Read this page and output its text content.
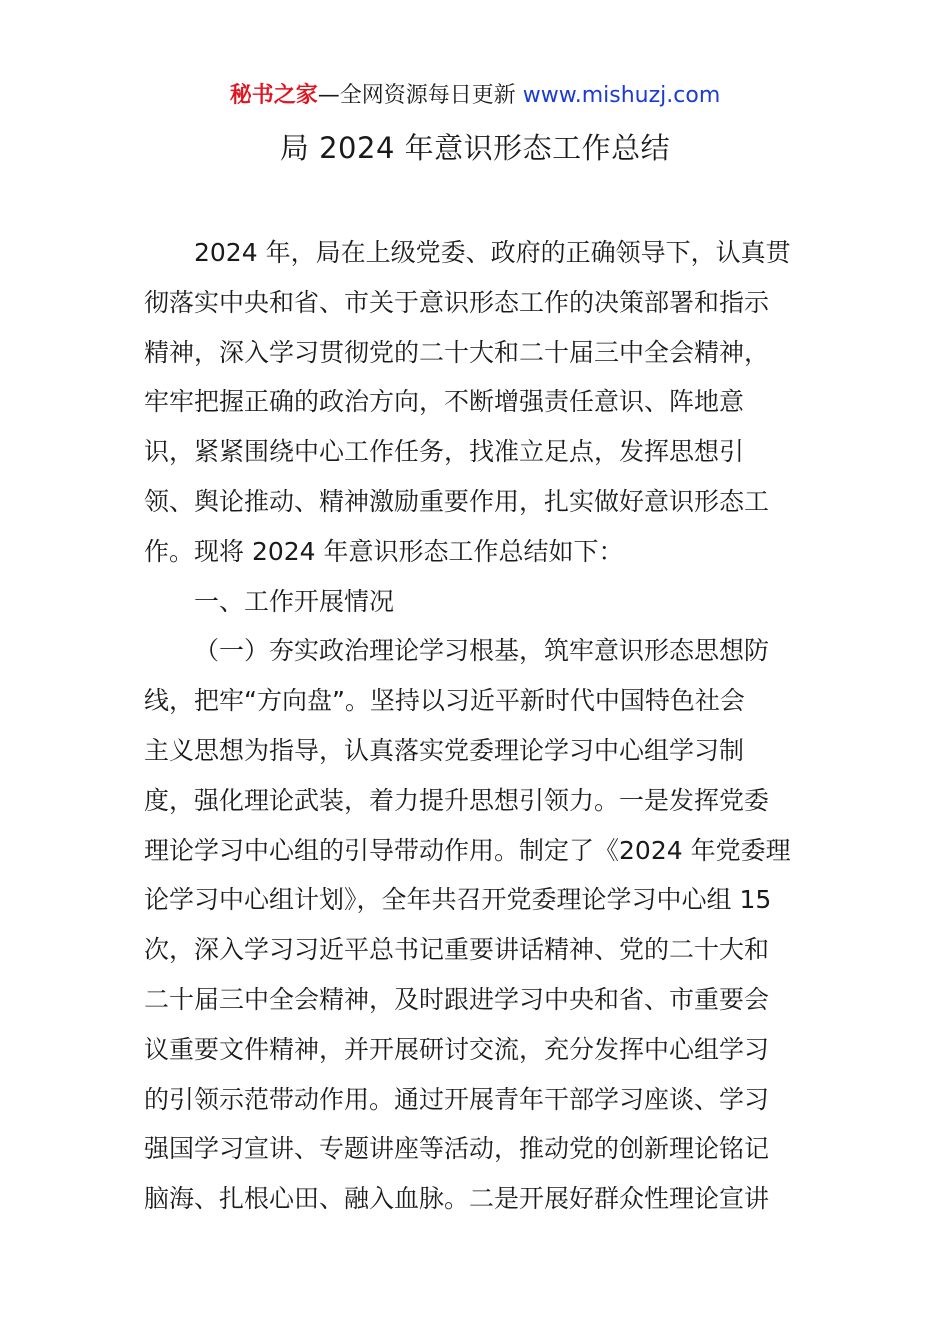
秘书之家—全网资源每日更新 www.mishuzj.com
局 2024 年意识形态工作总结
2024 年，局在上级党委、政府的正确领导下，认真贯
彻落实中央和省、市关于意识形态工作的决策部署和指示
精神，深入学习贯彻党的二十大和二十届三中全会精神，
牢牢把握正确的政治方向，不断增强责任意识、阵地意
识，紧紧围绕中心工作任务，找准立足点，发挥思想引
领、舆论推动、精神激励重要作用，扎实做好意识形态工
作。现将 2024 年意识形态工作总结如下：
一、工作开展情况
（一）夯实政治理论学习根基，筑牢意识形态思想防
线，把牢“方向盘”。坚持以习近平新时代中国特色社会
主义思想为指导，认真落实党委理论学习中心组学习制
度，强化理论武装，着力提升思想引领力。一是发挥党委
理论学习中心组的引导带动作用。制定了《2024 年党委理
论学习中心组计划》，全年共召开党委理论学习中心组 15
次，深入学习习近平总书记重要讲话精神、党的二十大和
二十届三中全会精神，及时跟进学习中央和省、市重要会
议重要文件精神，并开展研讨交流，充分发挥中心组学习
的引领示范带动作用。通过开展青年干部学习座谈、学习
强国学习宣讲、专题讲座等活动，推动党的创新理论铭记
脑海、扎根心田、融入血脉。二是开展好群众性理论宣讲
